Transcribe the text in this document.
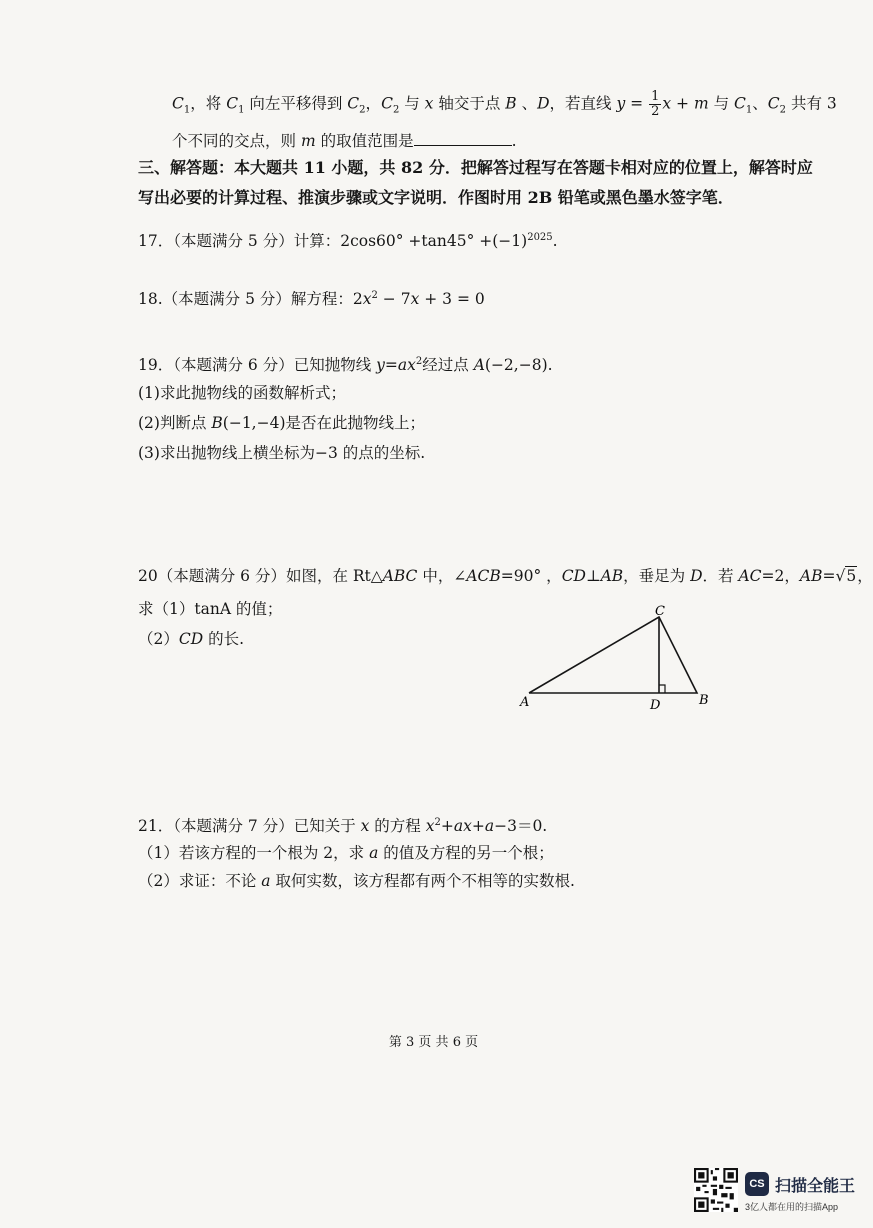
$C_1$，将 $C_1$ 向左平移得到 $C_2$，$C_2$ 与 x 轴交于点 B 、D，若直线 $y = \frac{1}{2}$ x + m 与 $C_1$、$C_2$ 共有 3
个不同的交点，则 m 的取值范围是	.
三、解答题：本大题共 11 小题，共 82 分．把解答过程写在答题卡相对应的位置上，解答时应
写出必要的计算过程、推演步骤或文字说明．作图时用 2B 铅笔或黑色墨水签字笔．
17．（本题满分 5 分）计算：$2\cos 60^\circ +\tan 45^\circ +(-1)^{2025}$.
18.（本题满分 5 分）解方程：$2x^2 - 7x + 3 = 0$
19．（本题满分 6 分）已知抛物线 $y=ax^2$经过点 A(−2,−8).
(1)求此抛物线的函数解析式；
(2)判断点 B(−1,−4)是否在此抛物线上；
(3)求出抛物线上横坐标为−3 的点的坐标.
20（本题满分 6 分）如图，在 Rt△ABC 中，∠ACB=90° ，CD⊥AB，垂足为 D．若 AC=2，AB=√5，
求（1）tanA 的值；
（2）CD 的长.
C
A	D	B
21．（本题满分 7 分）已知关于 x 的方程 $x^2+ax+a-3=0$.
（1）若该方程的一个根为 2，求 a 的值及方程的另一个根；
（2）求证：不论 a 取何实数，该方程都有两个不相等的实数根.
第 3 页 共 6 页
CS 扫描全能王
3亿人都在用的扫描App
